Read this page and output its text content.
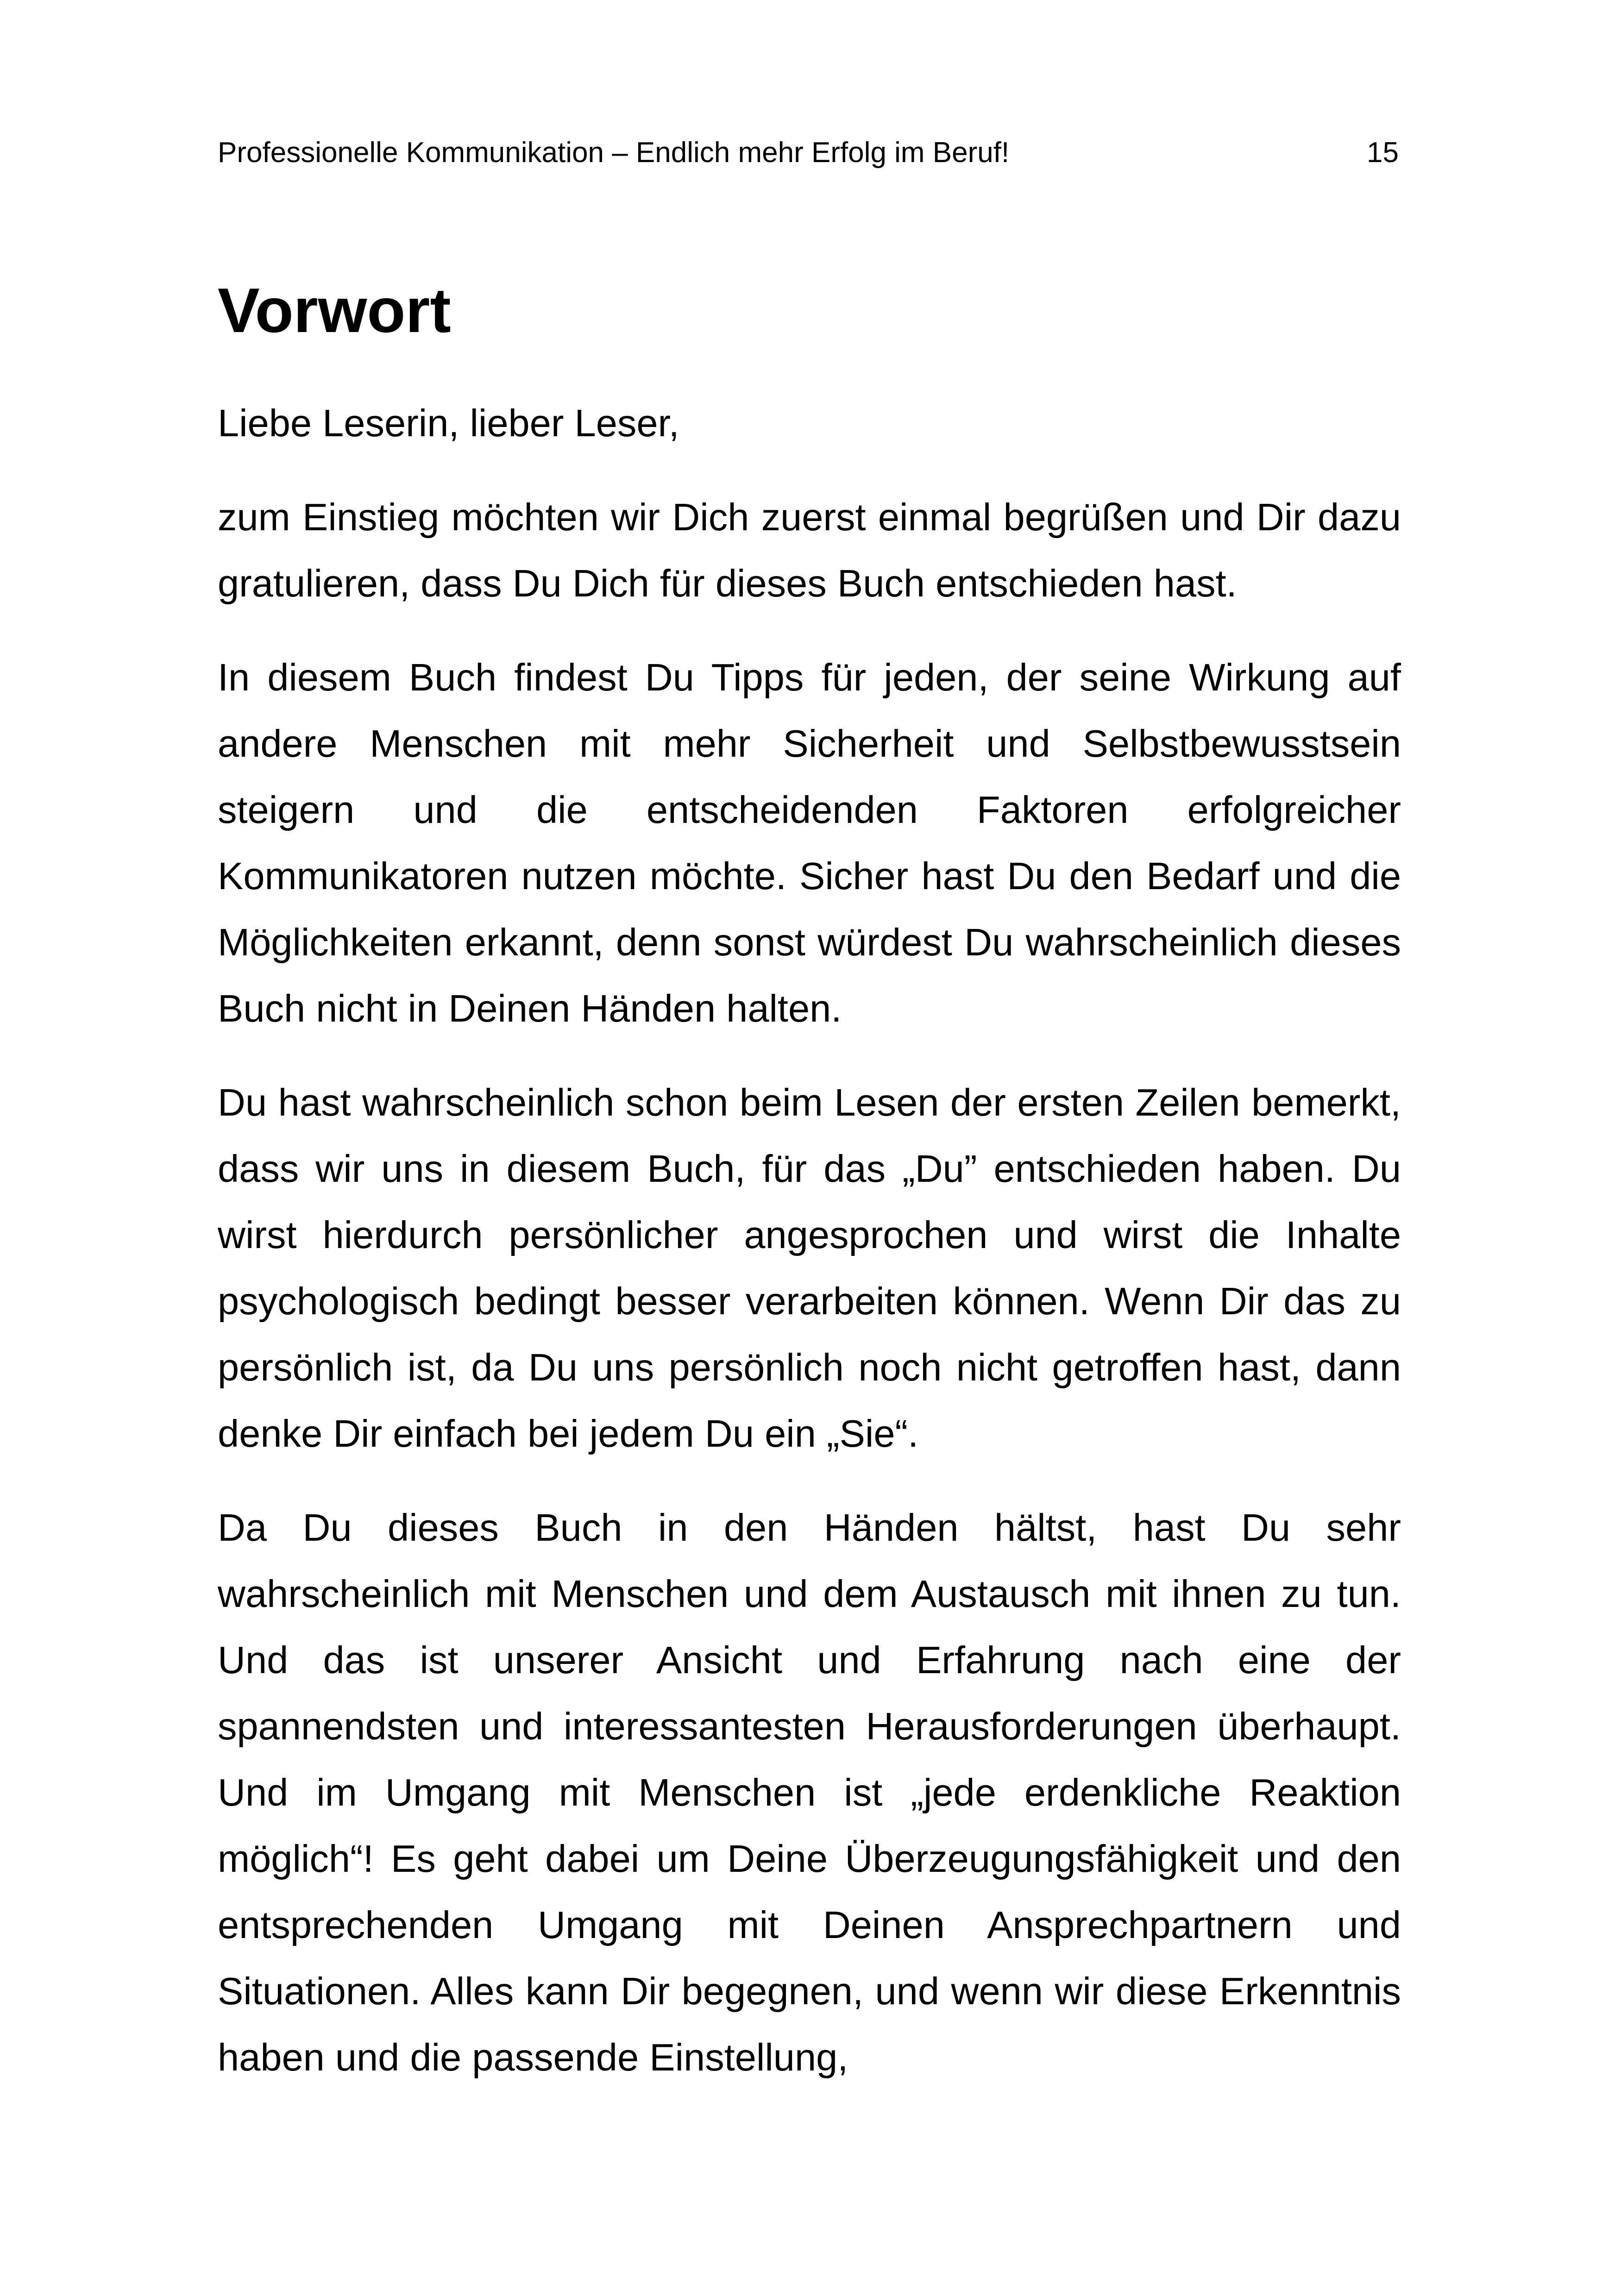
Professionelle Kommunikation – Endlich mehr Erfolg im Beruf!	15
Vorwort

Liebe Leserin, lieber Leser,

zum Einstieg möchten wir Dich zuerst einmal begrüßen und Dir dazu gratulieren, dass Du Dich für dieses Buch entschieden hast.

In diesem Buch findest Du Tipps für jeden, der seine Wirkung auf andere Menschen mit mehr Sicherheit und Selbstbewusstsein steigern und die entscheidenden Faktoren erfolgreicher Kommunikatoren nutzen möchte. Sicher hast Du den Bedarf und die Möglichkeiten erkannt, denn sonst würdest Du wahrscheinlich dieses Buch nicht in Deinen Händen halten.

Du hast wahrscheinlich schon beim Lesen der ersten Zeilen bemerkt, dass wir uns in diesem Buch, für das „Du” entschieden haben. Du wirst hierdurch persönlicher angesprochen und wirst die Inhalte psychologisch bedingt besser verarbeiten können. Wenn Dir das zu persönlich ist, da Du uns persönlich noch nicht getroffen hast, dann denke Dir einfach bei jedem Du ein „Sie“.

Da Du dieses Buch in den Händen hältst, hast Du sehr wahrscheinlich mit Menschen und dem Austausch mit ihnen zu tun. Und das ist unserer Ansicht und Erfahrung nach eine der spannendsten und interessantesten Herausforderungen überhaupt. Und im Umgang mit Menschen ist „jede erdenkliche Reaktion möglich“! Es geht dabei um Deine Überzeugungsfähigkeit und den entsprechenden Umgang mit Deinen Ansprechpartnern und Situationen. Alles kann Dir begegnen, und wenn wir diese Erkenntnis haben und die passende Einstellung,
